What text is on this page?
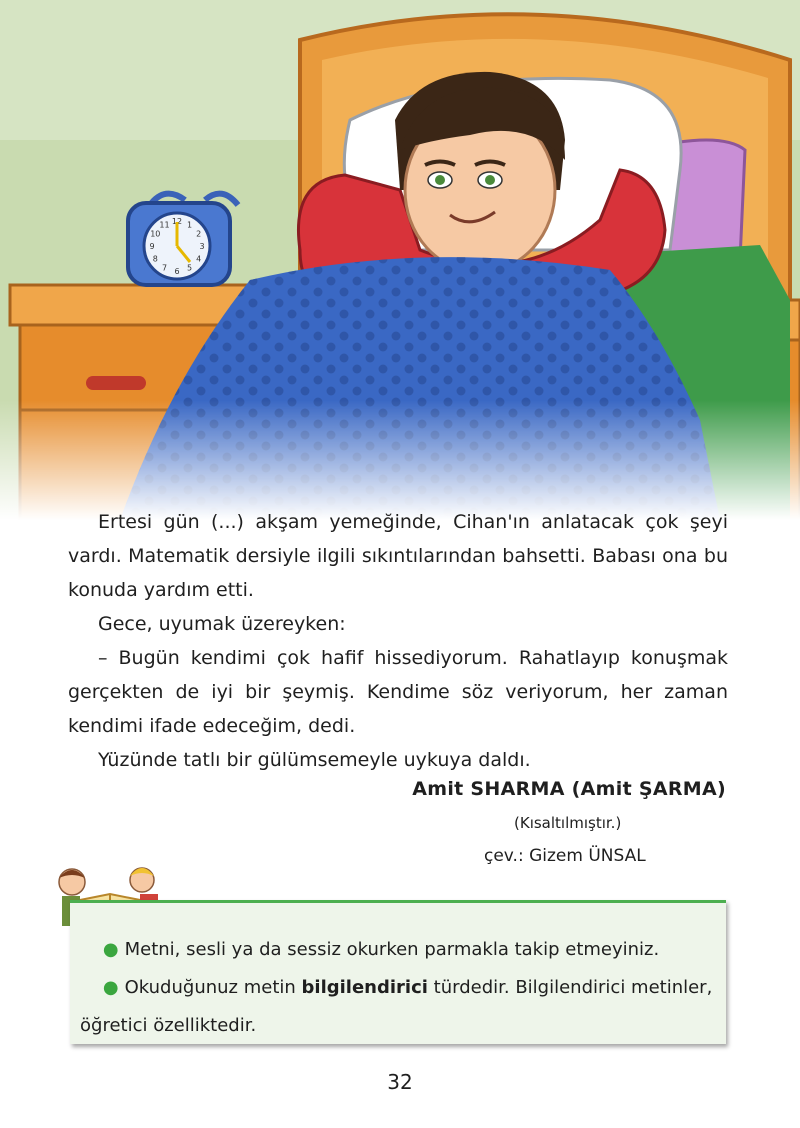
12 1
2
3
4
5
6
7
8
9
10
11

Ertesi gün (...) akşam yemeğinde, Cihan'ın anlatacak çok şeyi vardı. Matematik dersiyle ilgili sıkıntılarından bahsetti. Babası ona bu konuda yardım etti.

Gece, uyumak üzereyken:

– Bugün kendimi çok hafif hissediyorum. Rahatlayıp konuşmak gerçekten de iyi bir şeymiş. Kendime söz veriyorum, her zaman kendimi ifade edeceğim, dedi.

Yüzünde tatlı bir gülümsemeyle uykuya daldı.

Amit SHARMA (Amit ŞARMA)
(Kısaltılmıştır.)
çev.: Gizem ÜNSAL
● Metni, sesli ya da sessiz okurken parmakla takip etmeyiniz.
● Okuduğunuz metin bilgilendirici türdedir. Bilgilendirici metinler,
öğretici özelliktedir.
32
